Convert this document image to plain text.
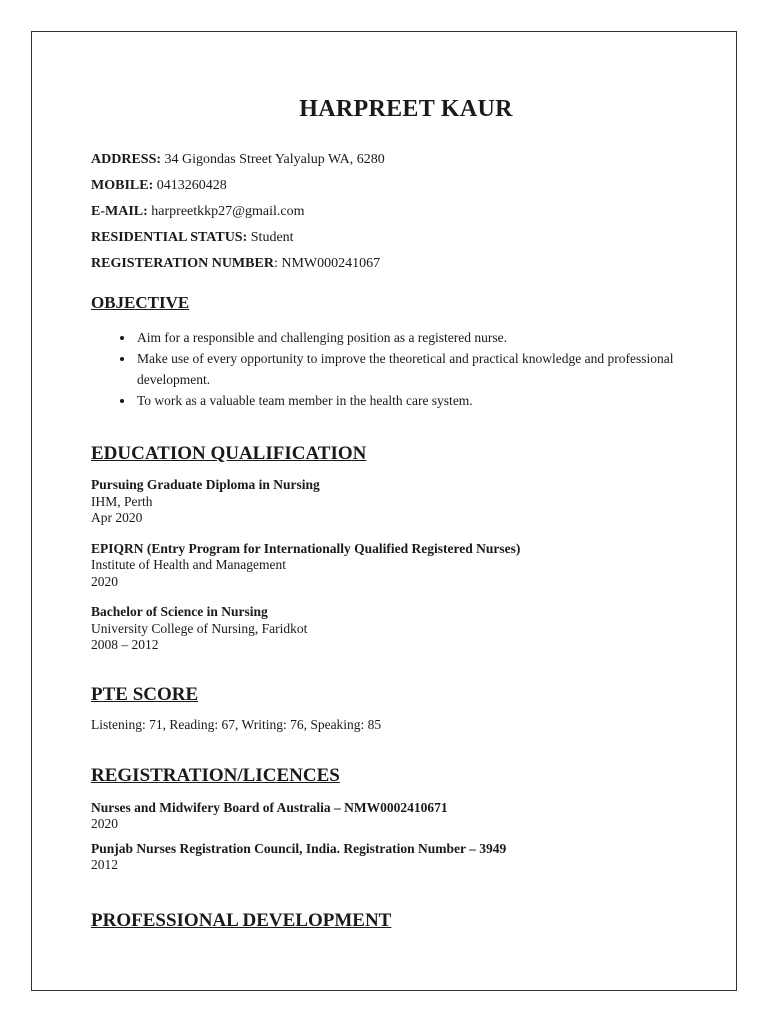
HARPREET KAUR
ADDRESS: 34 Gigondas Street Yalyalup WA, 6280
MOBILE: 0413260428
E-MAIL: harpreetkkp27@gmail.com
RESIDENTIAL STATUS: Student
REGISTERATION NUMBER: NMW000241067
OBJECTIVE
• Aim for a responsible and challenging position as a registered nurse.
• Make use of every opportunity to improve the theoretical and practical knowledge and professional development.
• To work as a valuable team member in the health care system.
EDUCATION QUALIFICATION
Pursuing Graduate Diploma in Nursing
IHM, Perth
Apr 2020
EPIQRN (Entry Program for Internationally Qualified Registered Nurses)
Institute of Health and Management
2020
Bachelor of Science in Nursing
University College of Nursing, Faridkot
2008 – 2012
PTE SCORE
Listening: 71, Reading: 67, Writing: 76, Speaking: 85
REGISTRATION/LICENCES
Nurses and Midwifery Board of Australia – NMW0002410671
2020
Punjab Nurses Registration Council, India. Registration Number – 3949
2012
PROFESSIONAL DEVELOPMENT
